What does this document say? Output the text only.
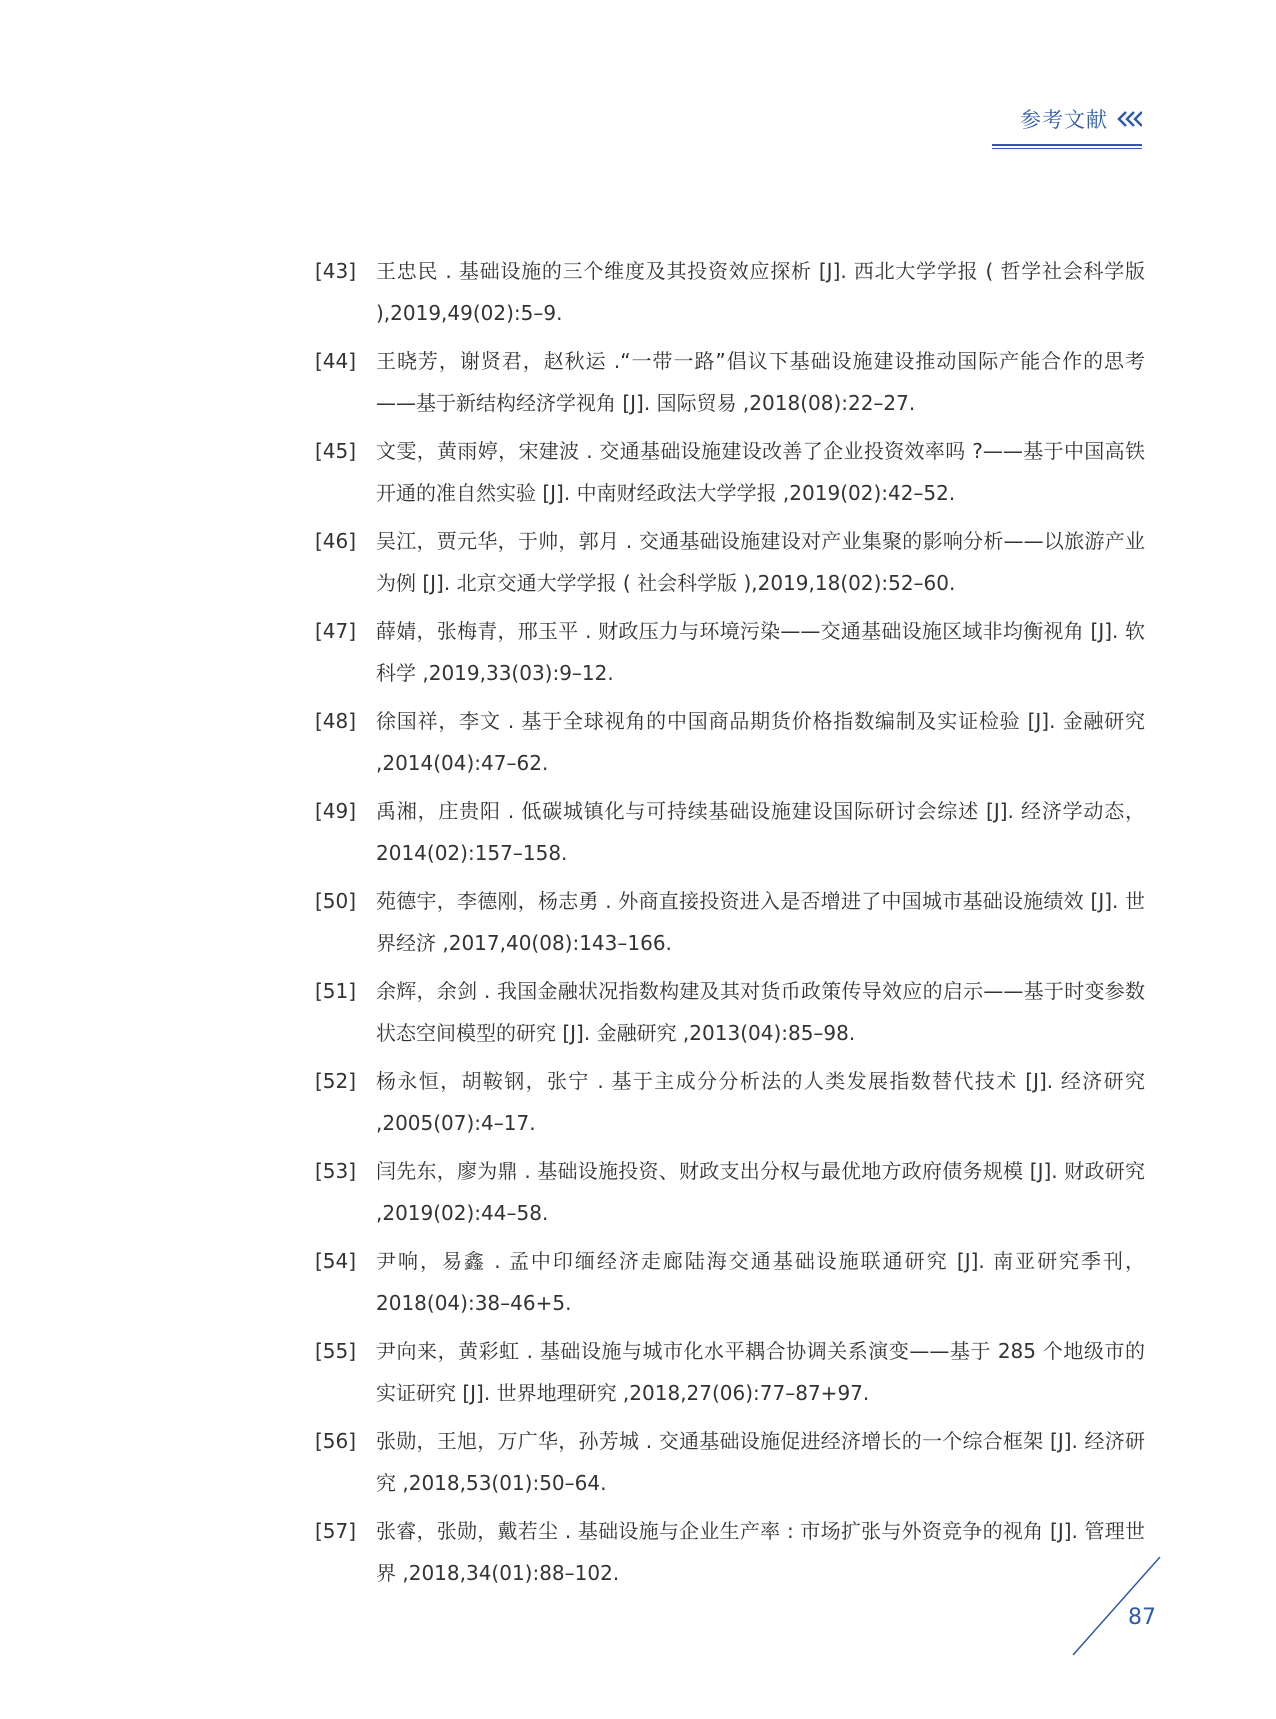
参考文献
[43] 王忠民 . 基础设施的三个维度及其投资效应探析 [J]. 西北大学学报 ( 哲学社会科学版 ),2019,49(02):5–9.
[44] 王晓芳，谢贤君，赵秋运 .“一带一路”倡议下基础设施建设推动国际产能合作的思考——基于新结构经济学视角 [J]. 国际贸易 ,2018(08):22–27.
[45] 文雯，黄雨婷，宋建波 . 交通基础设施建设改善了企业投资效率吗 ?——基于中国高铁开通的准自然实验 [J]. 中南财经政法大学学报 ,2019(02):42–52.
[46] 吴江，贾元华，于帅，郭月 . 交通基础设施建设对产业集聚的影响分析——以旅游产业为例 [J]. 北京交通大学学报 ( 社会科学版 ),2019,18(02):52–60.
[47] 薛婧，张梅青，邢玉平 . 财政压力与环境污染——交通基础设施区域非均衡视角 [J]. 软科学 ,2019,33(03):9–12.
[48] 徐国祥，李文 . 基于全球视角的中国商品期货价格指数编制及实证检验 [J]. 金融研究 ,2014(04):47–62.
[49] 禹湘，庄贵阳 . 低碳城镇化与可持续基础设施建设国际研讨会综述 [J]. 经济学动态，2014(02):157–158.
[50] 苑德宇，李德刚，杨志勇 . 外商直接投资进入是否增进了中国城市基础设施绩效 [J]. 世界经济 ,2017,40(08):143–166.
[51] 余辉，余剑 . 我国金融状况指数构建及其对货币政策传导效应的启示——基于时变参数状态空间模型的研究 [J]. 金融研究 ,2013(04):85–98.
[52] 杨永恒，胡鞍钢，张宁 . 基于主成分分析法的人类发展指数替代技术 [J]. 经济研究 ,2005(07):4–17.
[53] 闫先东，廖为鼎 . 基础设施投资、财政支出分权与最优地方政府债务规模 [J]. 财政研究 ,2019(02):44–58.
[54] 尹响，易鑫 . 孟中印缅经济走廊陆海交通基础设施联通研究 [J]. 南亚研究季刊，2018(04):38–46+5.
[55] 尹向来，黄彩虹 . 基础设施与城市化水平耦合协调关系演变——基于 285 个地级市的实证研究 [J]. 世界地理研究 ,2018,27(06):77–87+97.
[56] 张勋，王旭，万广华，孙芳城 . 交通基础设施促进经济增长的一个综合框架 [J]. 经济研究 ,2018,53(01):50–64.
[57] 张睿，张勋，戴若尘 . 基础设施与企业生产率 : 市场扩张与外资竞争的视角 [J]. 管理世界 ,2018,34(01):88–102.
87
